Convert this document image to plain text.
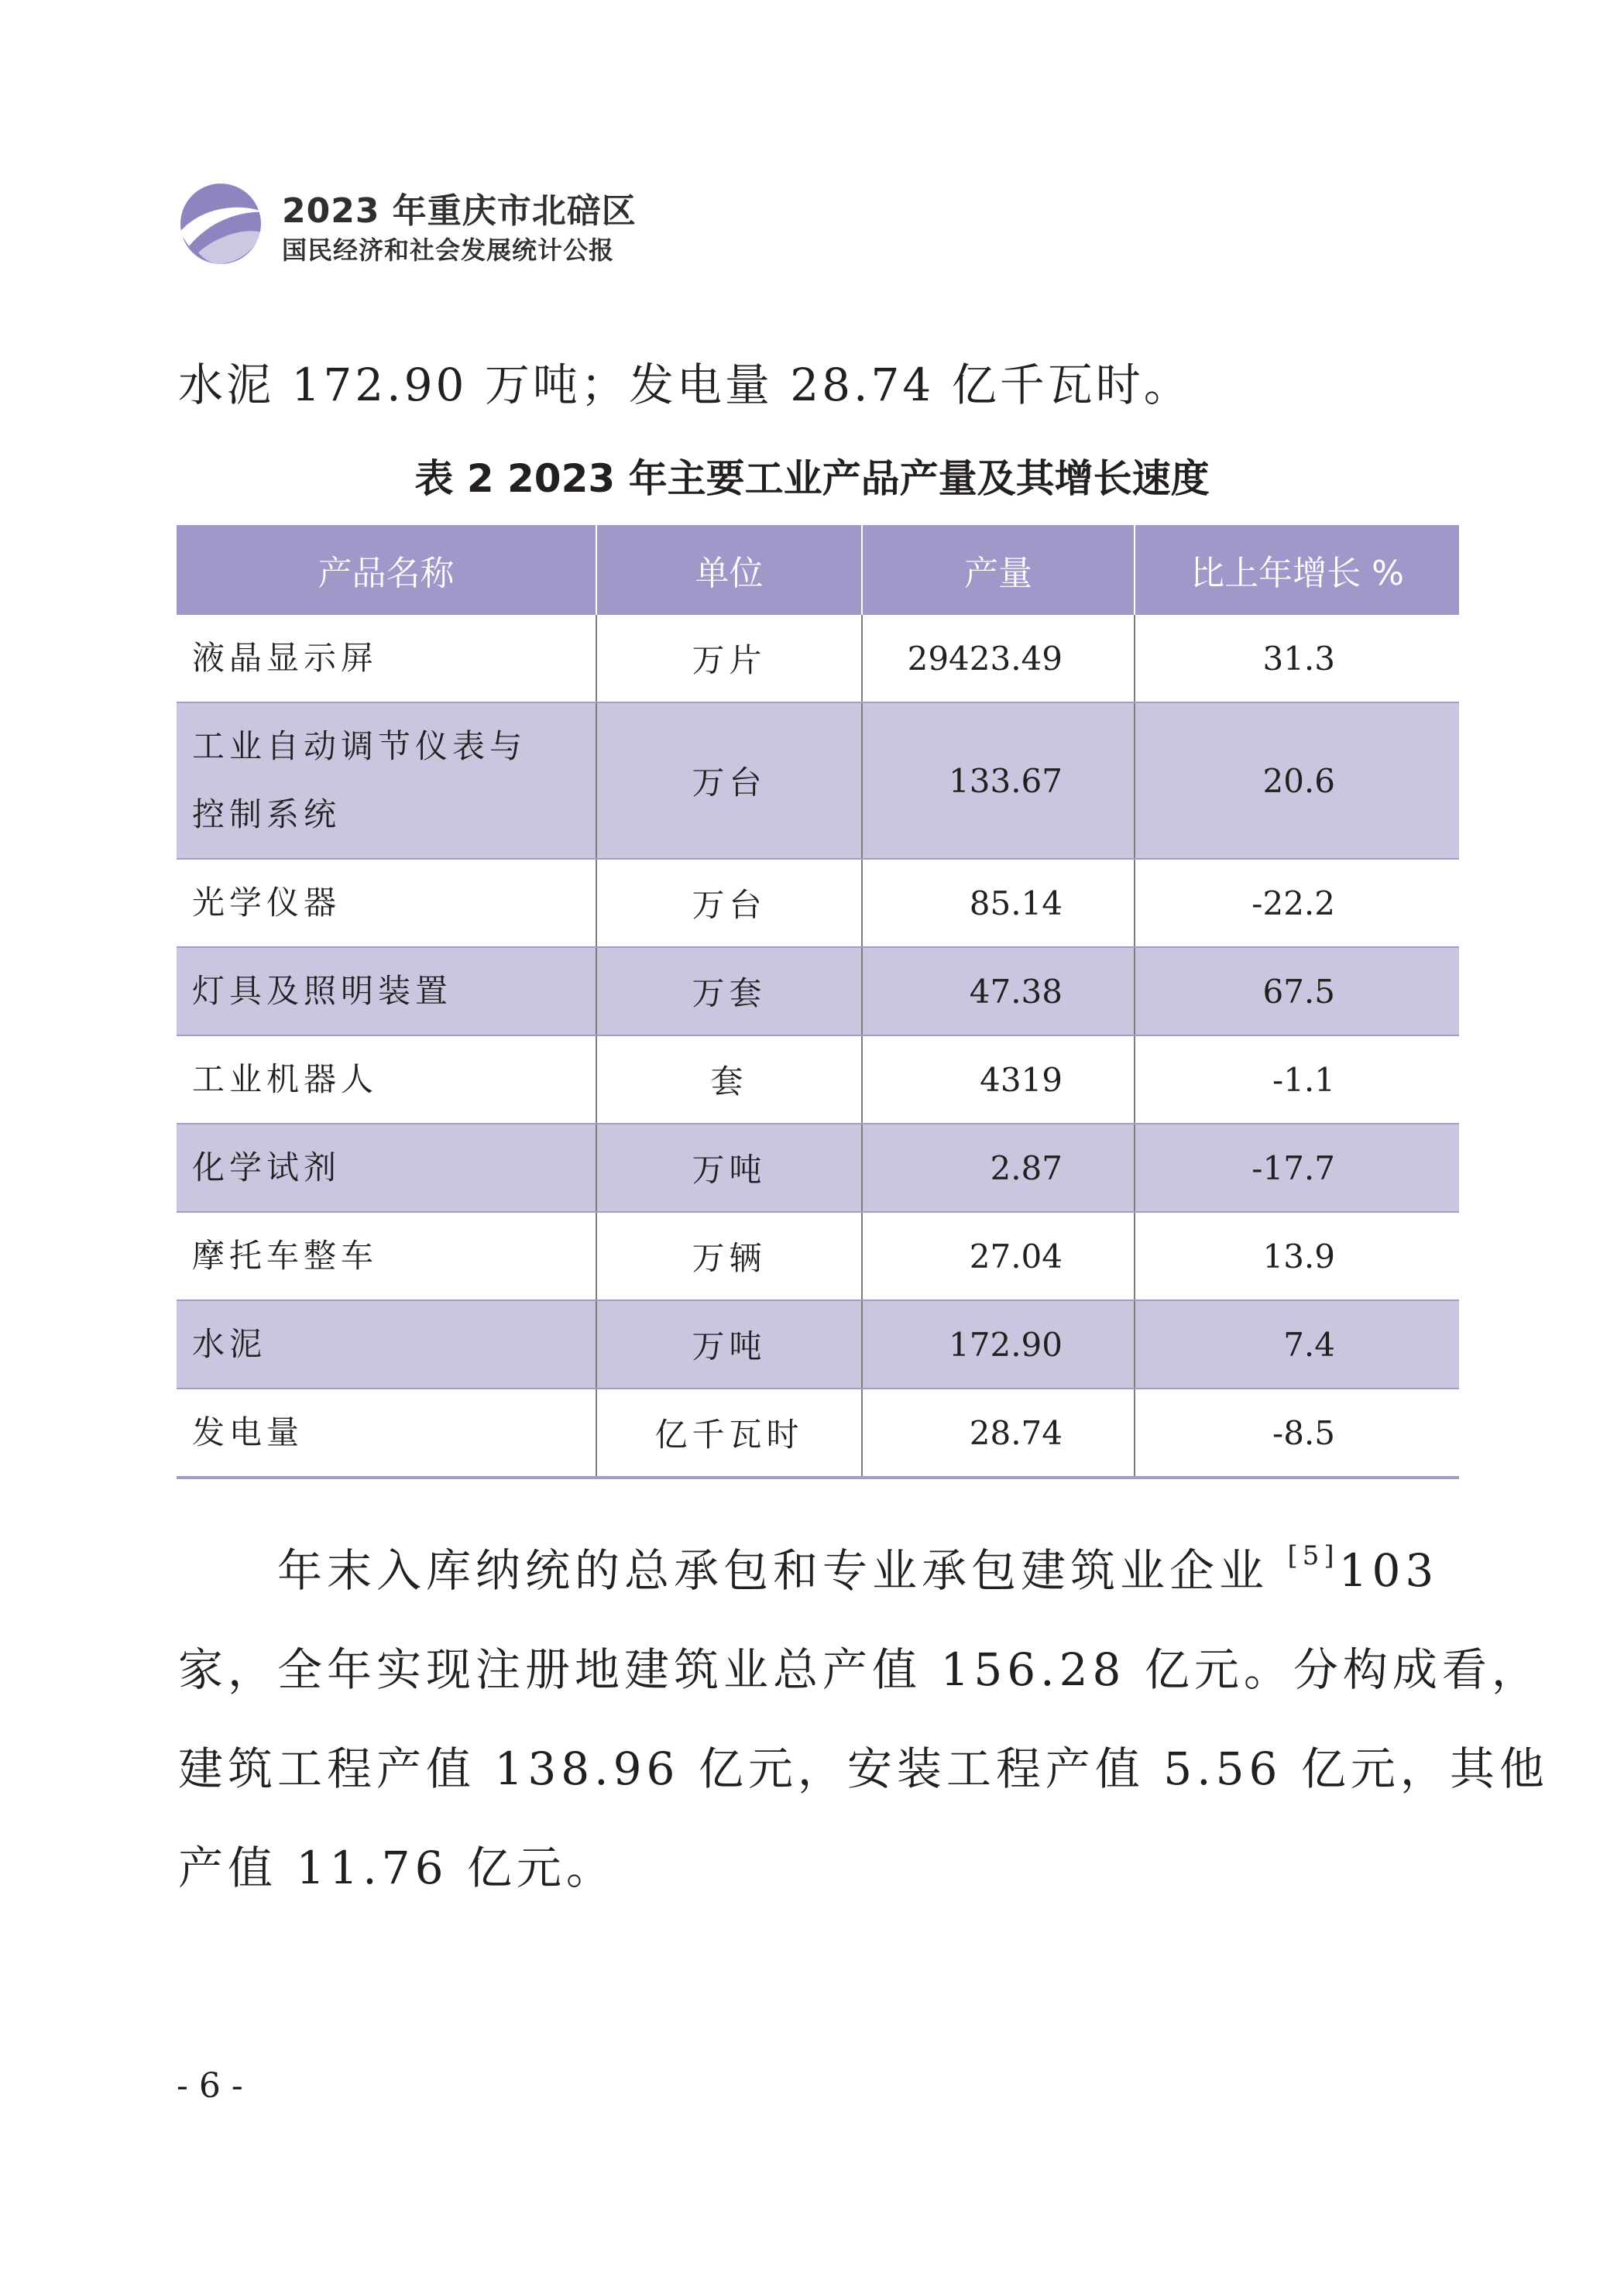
2023 年重庆市北碚区
国民经济和社会发展统计公报

水泥 172.90 万吨；发电量 28.74 亿千瓦时。

表 2 2023 年主要工业产品产量及其增长速度
产品名称	单位	产量	比上年增长 %
液晶显示屏	万片	29423.49	31.3
工业自动调节仪表与
控制系统	万台	133.67	20.6
光学仪器	万台	85.14	-22.2
灯具及照明装置	万套	47.38	67.5
工业机器人	套	4319	-1.1
化学试剂	万吨	2.87	-17.7
摩托车整车	万辆	27.04	13.9
水泥	万吨	172.90	7.4
发电量	亿千瓦时	28.74	-8.5
年末入库纳统的总承包和专业承包建筑业企业 [5]103
家，全年实现注册地建筑业总产值 156.28 亿元。分构成看，
建筑工程产值 138.96 亿元，安装工程产值 5.56 亿元，其他
产值 11.76 亿元。
- 6 -
